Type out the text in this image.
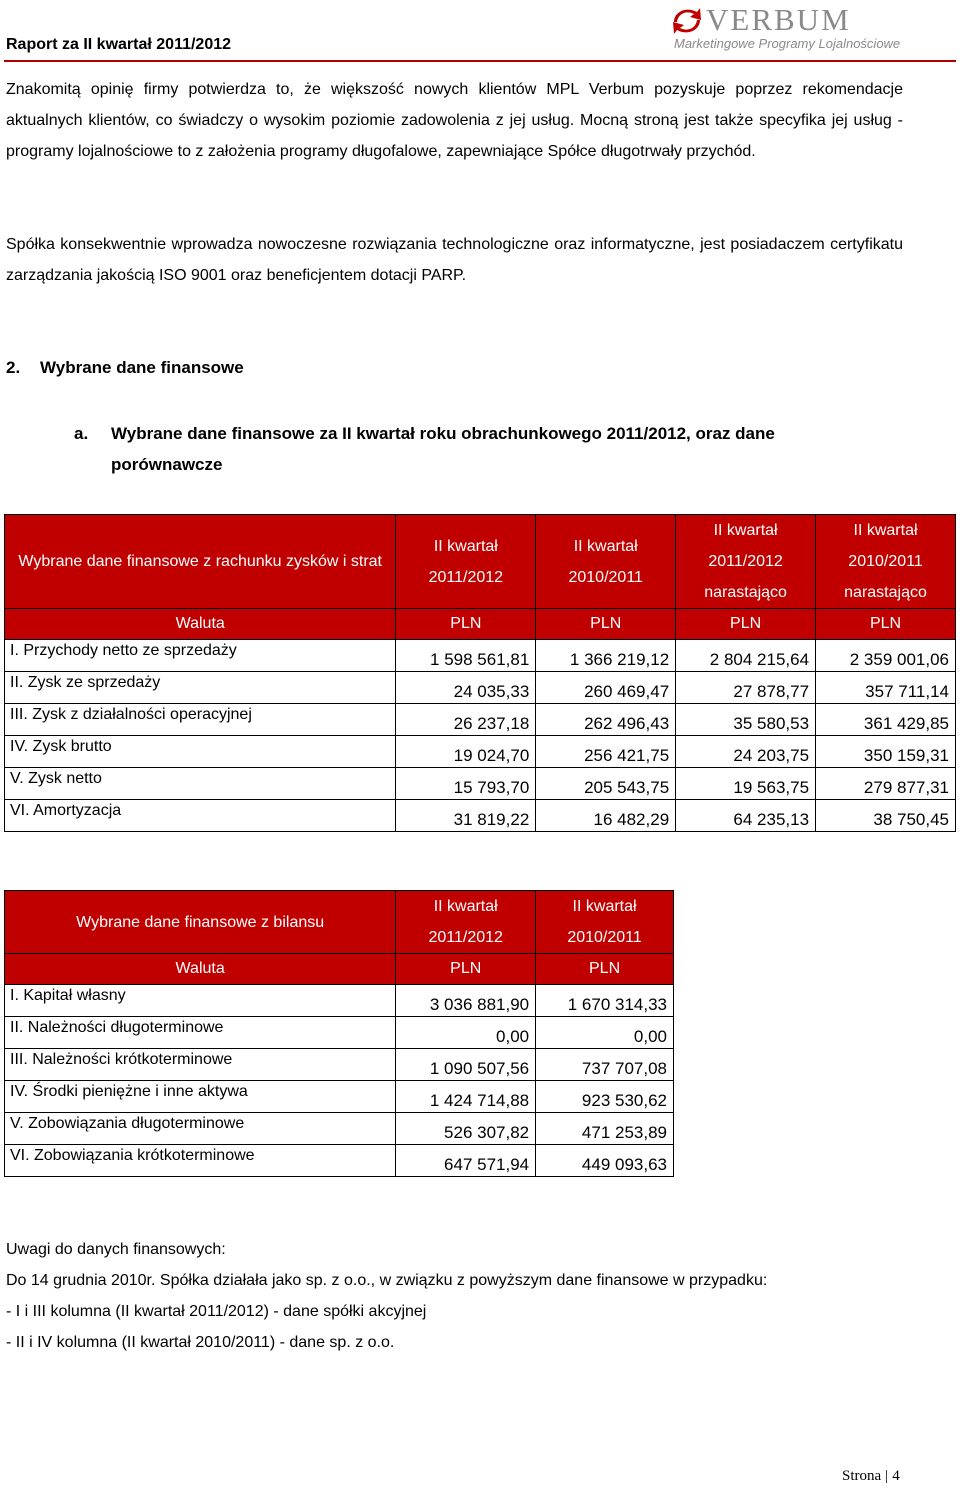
Raport za II kwartał 2011/2012
VERBUM
Marketingowe Programy Lojalnościowe
Znakomitą opinię firmy potwierdza to, że większość nowych klientów MPL Verbum pozyskuje poprzez rekomendacje aktualnych klientów, co świadczy o wysokim poziomie zadowolenia z jej usług. Mocną stroną jest także specyfika jej usług - programy lojalnościowe to z założenia programy długofalowe, zapewniające Spółce długotrwały przychód.
Spółka konsekwentnie wprowadza nowoczesne rozwiązania technologiczne oraz informatyczne, jest posiadaczem certyfikatu zarządzania jakością ISO 9001 oraz beneficjentem dotacji PARP.
2. Wybrane dane finansowe
a. Wybrane dane finansowe za II kwartał roku obrachunkowego 2011/2012, oraz dane porównawcze
Wybrane dane finansowe z rachunku zysków i strat	II kwartał 2011/2012	II kwartał 2010/2011	II kwartał 2011/2012 narastająco	II kwartał 2010/2011 narastająco
Waluta	PLN	PLN	PLN	PLN
I. Przychody netto ze sprzedaży	1 598 561,81	1 366 219,12	2 804 215,64	2 359 001,06
II. Zysk ze sprzedaży	24 035,33	260 469,47	27 878,77	357 711,14
III. Zysk z działalności operacyjnej	26 237,18	262 496,43	35 580,53	361 429,85
IV. Zysk brutto	19 024,70	256 421,75	24 203,75	350 159,31
V. Zysk netto	15 793,70	205 543,75	19 563,75	279 877,31
VI. Amortyzacja	31 819,22	16 482,29	64 235,13	38 750,45
Wybrane dane finansowe z bilansu	II kwartał 2011/2012	II kwartał 2010/2011
Waluta	PLN	PLN
I. Kapitał własny	3 036 881,90	1 670 314,33
II. Należności długoterminowe	0,00	0,00
III. Należności krótkoterminowe	1 090 507,56	737 707,08
IV. Środki pieniężne i inne aktywa	1 424 714,88	923 530,62
V. Zobowiązania długoterminowe	526 307,82	471 253,89
VI. Zobowiązania krótkoterminowe	647 571,94	449 093,63
Uwagi do danych finansowych:
Do 14 grudnia 2010r. Spółka działała jako sp. z o.o., w związku z powyższym dane finansowe w przypadku:
- I i III kolumna (II kwartał 2011/2012) - dane spółki akcyjnej
- II i IV kolumna (II kwartał 2010/2011) - dane sp. z o.o.
Strona | 4
